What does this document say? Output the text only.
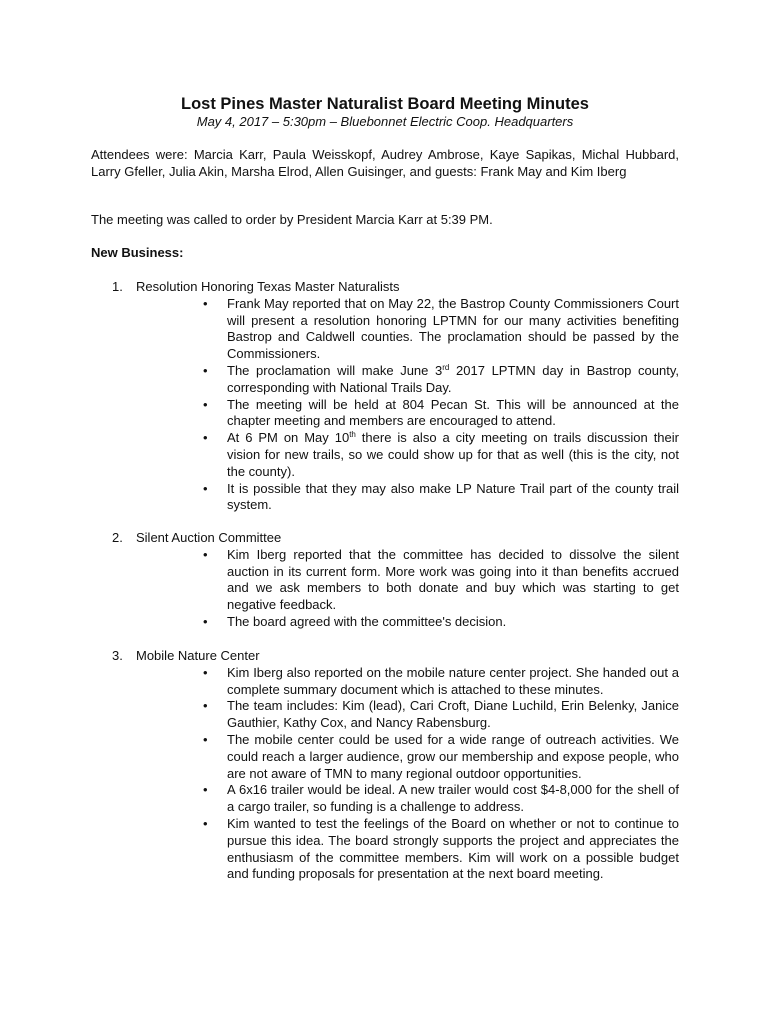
Lost Pines Master Naturalist Board Meeting Minutes
May 4, 2017 – 5:30pm – Bluebonnet Electric Coop. Headquarters
Attendees were: Marcia Karr, Paula Weisskopf, Audrey Ambrose, Kaye Sapikas, Michal Hubbard, Larry Gfeller, Julia Akin, Marsha Elrod, Allen Guisinger, and guests: Frank May and Kim Iberg
The meeting was called to order by President Marcia Karr at 5:39 PM.
New Business:
1. Resolution Honoring Texas Master Naturalists
• Frank May reported that on May 22, the Bastrop County Commissioners Court will present a resolution honoring LPTMN for our many activities benefiting Bastrop and Caldwell counties. The proclamation should be passed by the Commissioners.
• The proclamation will make June 3rd 2017 LPTMN day in Bastrop county, corresponding with National Trails Day.
• The meeting will be held at 804 Pecan St. This will be announced at the chapter meeting and members are encouraged to attend.
• At 6 PM on May 10th there is also a city meeting on trails discussion their vision for new trails, so we could show up for that as well (this is the city, not the county).
• It is possible that they may also make LP Nature Trail part of the county trail system.
2. Silent Auction Committee
• Kim Iberg reported that the committee has decided to dissolve the silent auction in its current form. More work was going into it than benefits accrued and we ask members to both donate and buy which was starting to get negative feedback.
• The board agreed with the committee's decision.
3. Mobile Nature Center
• Kim Iberg also reported on the mobile nature center project. She handed out a complete summary document which is attached to these minutes.
• The team includes: Kim (lead), Cari Croft, Diane Luchild, Erin Belenky, Janice Gauthier, Kathy Cox, and Nancy Rabensburg.
• The mobile center could be used for a wide range of outreach activities. We could reach a larger audience, grow our membership and expose people, who are not aware of TMN to many regional outdoor opportunities.
• A 6x16 trailer would be ideal. A new trailer would cost $4-8,000 for the shell of a cargo trailer, so funding is a challenge to address.
• Kim wanted to test the feelings of the Board on whether or not to continue to pursue this idea. The board strongly supports the project and appreciates the enthusiasm of the committee members. Kim will work on a possible budget and funding proposals for presentation at the next board meeting.
